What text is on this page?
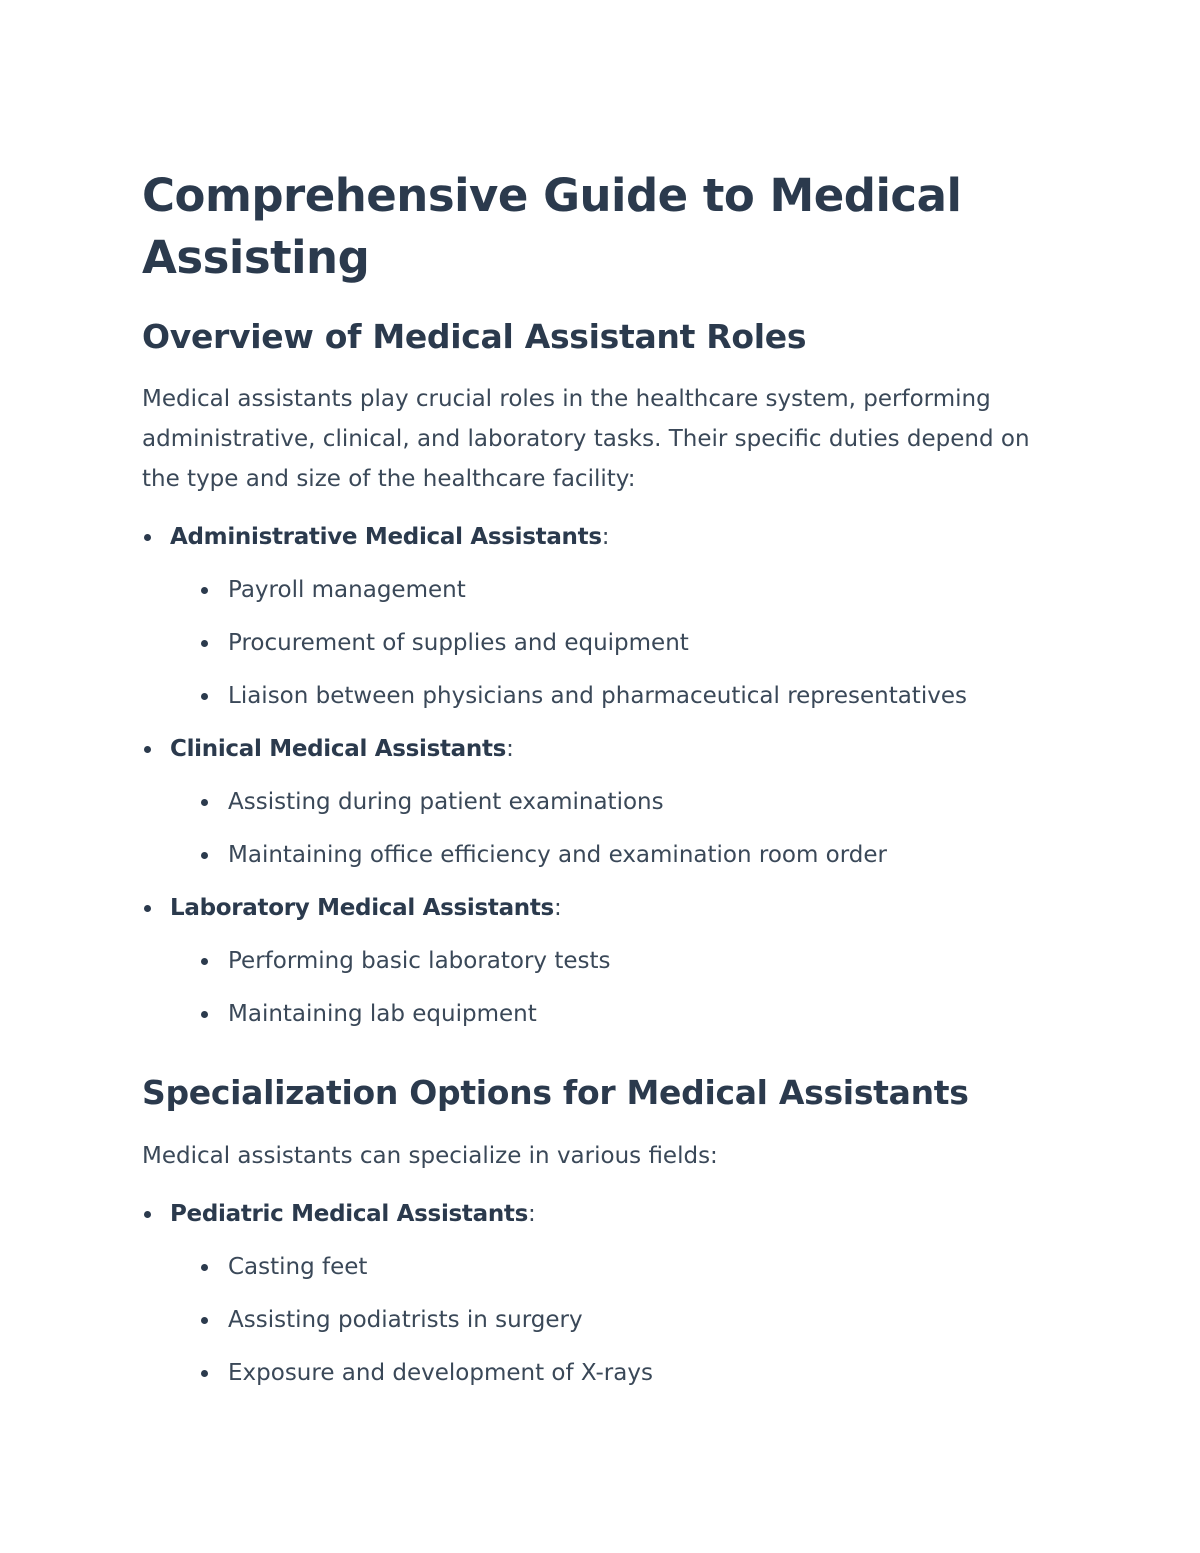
Comprehensive Guide to Medical Assisting
Overview of Medical Assistant Roles

Medical assistants play crucial roles in the healthcare system, performing administrative, clinical, and laboratory tasks. Their specific duties depend on the type and size of the healthcare facility:

Administrative Medical Assistants:
Payroll management
Procurement of supplies and equipment
Liaison between physicians and pharmaceutical representatives
Clinical Medical Assistants:
Assisting during patient examinations
Maintaining office efficiency and examination room order
Laboratory Medical Assistants:
Performing basic laboratory tests
Maintaining lab equipment
Specialization Options for Medical Assistants

Medical assistants can specialize in various fields:

Pediatric Medical Assistants:
Casting feet
Assisting podiatrists in surgery
Exposure and development of X-rays
